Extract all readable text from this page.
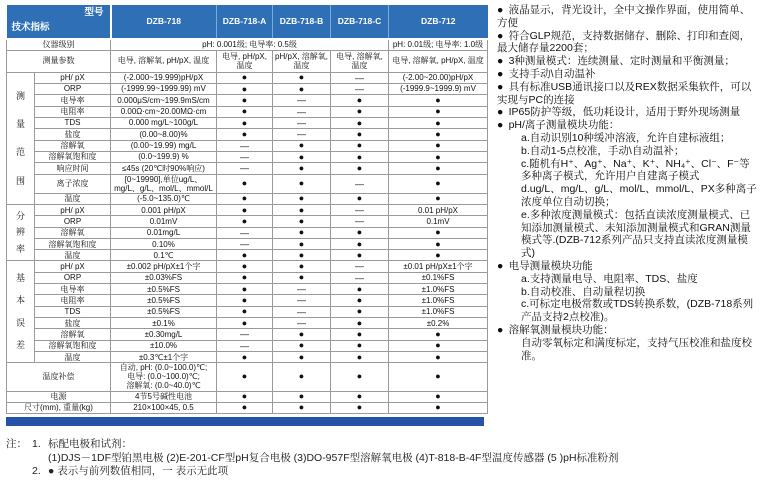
型号
技术指标		DZB-718	DZB-718-A	DZB-718-B	DZB-718-C	DZB-712
仪器级别		pH: 0.001级; 电导率: 0.5级				pH: 0.01级; 电导率: 1.0级
测量参数		电导, 溶解氧, pH/pX, 温度	电导, pH/pX, 温度	pH/pX, 溶解氧, 温度	电导, 溶解氧, 温度	电导, 溶解氧, pH/pX, 温度

测
量
范
围	pH/ pX	(-2.000~19.999)pH/pX	●	●	—	(-2.00~20.00)pH/pX
	ORP	(-1999.99~1999.99) mV	●	●	—	(-1999.9~1999.9) mV
	电导率	0.000μS/cm~199.9mS/cm	●	—	●	●
	电阻率	0.00Ω·cm~20.00MΩ·cm	●	—	●	●
	TDS	0.000 mg/L~100g/L	●	—	●	●
	盐度	(0.00~8.00)%	●	—	●	●
	溶解氧	(0.00~19.99) mg/L	—	●	●	●
	溶解氧饱和度	(0.0~199.9) %	—	●	●	●
	响应时间	≤45s (20℃时90%响应)	—	●	●	●
	离子浓度	[0~19990],单位ug/L、mg/L、g/L、mol/L、mmol/L	●	●	—	●
	温度	(-5.0~135.0)℃	●	●	●	●

分
辨
率	pH/ pX	0.001 pH/pX	●	●	—	0.01 pH/pX
	ORP	0.01mV	●	●	—	0.1mV
	溶解氧	0.01mg/L	—	●	●	●
	溶解氧饱和度	0.10%	—	●	●	●
	温度	0.1℃	●	●	●	●

基
本
误
差	pH/ pX	±0.002 pH/pX±1个字	●	●	—	±0.01 pH/pX±1个字
	ORP	±0.03%FS	●	●	—	±0.1%FS
	电导率	±0.5%FS	●	—	●	±1.0%FS
	电阻率	±0.5%FS	●	—	●	±1.0%FS
	TDS	±0.5%FS	●	—	●	±1.0%FS
	盐度	±0.1%	●	—	●	±0.2%
	溶解氧	±0.30mg/L	—	●	●	●
	溶解氧饱和度	±10.0%	—	●	●	●
	温度	±0.3℃±1个字	●	●	●	●
温度补偿		自动, pH: (0.0~100.0)℃;
电导: (0.0~100.0)℃;
溶解氧: (0.0~40.0)℃	●	●	●	●
电源		4节5号碱性电池	●	●	●	●
尺寸(mm), 重量(kg)		210×100×45, 0.5	●	●	●	●
注： 1. 标配电极和试剂：
(1)DJS－1DF型铂黑电极 (2)E-201-CF型pH复合电极 (3)DO-957F型溶解氧电极 (4)T-818-B-4F型温度传感器 (5 )pH标准粉剂
2. ● 表示与前列数值相同，一 表示无此项
● 液晶显示，背光设计，全中文操作界面，使用简单、方便
● 符合GLP规范，支持数据储存、删除、打印和查阅，最大储存量2200套；
● 3种测量模式：连续测量、定时测量和平衡测量；
● 支持手动\自动温补
● 具有标准USB通讯接口以及REX数据采集软件，可以实现与PC的连接
● IP65防护等级，低功耗设计，适用于野外现场测量
● pH/离子测量模块功能：
a.自动识别10种缓冲溶液，允许自建标液组；
b.自动1-5点校准，手动\自动温补；
c.随机有H⁺、Ag⁺、Na⁺、K⁺、NH₄⁺、Cl⁻、F⁻等多种离子模式，允许用户自建离子模式
d.ug/L、mg/L、g/L、mol/L、mmol/L、PX多种离子浓度单位自动切换；
e.多种浓度测量模式：包括直读浓度测量模式、已知添加测量模式、未知添加测量模式和GRAN测量模式等.(DZB-712系列产品只支持直读浓度测量模式)
● 电导测量模块功能
a.支持测量电导、电阻率、TDS、盐度
b.自动校准、自动量程切换
c.可标定电极常数或TDS转换系数，(DZB-718系列产品支持2点校准)。
● 溶解氧测量模块功能：
自动零氧标定和满度标定，支持气压校准和盐度校准。
